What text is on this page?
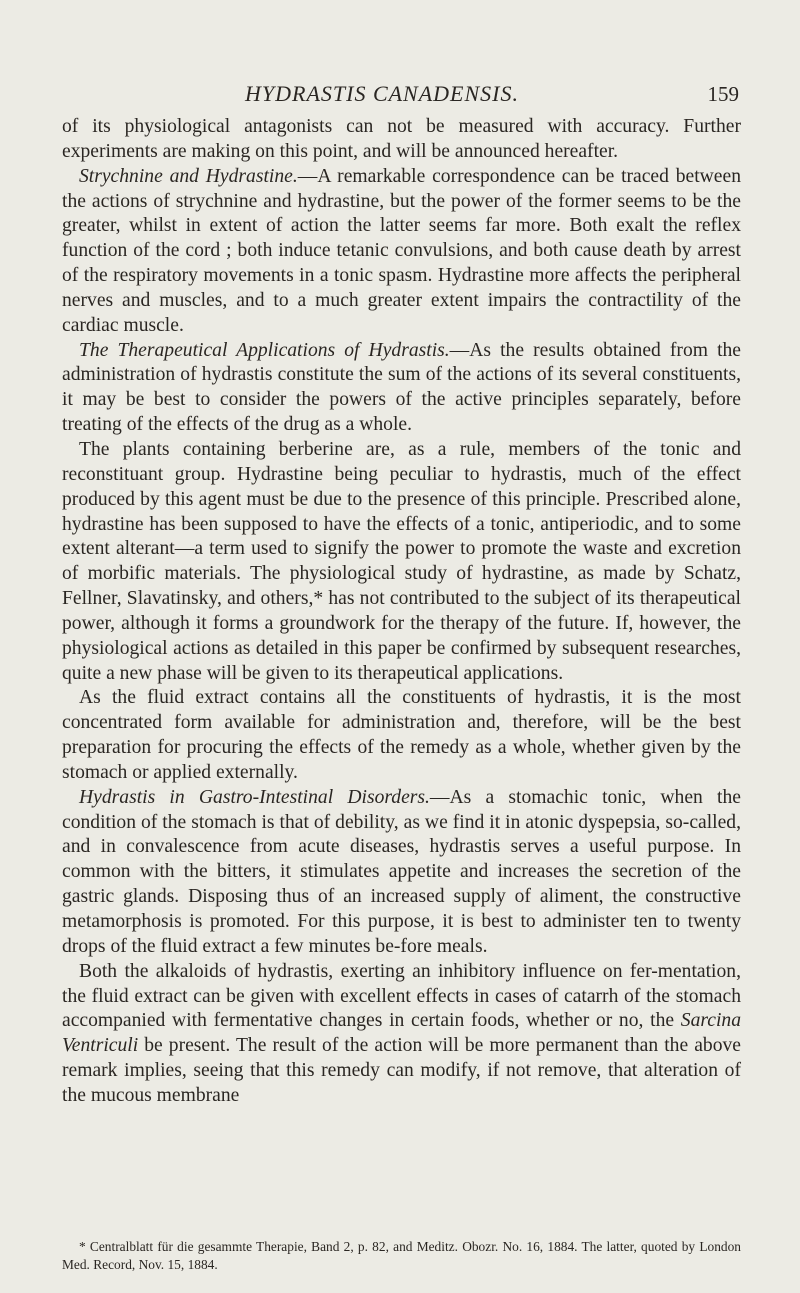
HYDRASTIS CANADENSIS.	159

of its physiological antagonists can not be measured with accuracy. Further experiments are making on this point, and will be announced hereafter.

Strychnine and Hydrastine.—A remarkable correspondence can be traced between the actions of strychnine and hydrastine, but the power of the former seems to be the greater, whilst in extent of action the latter seems far more. Both exalt the reflex function of the cord ; both induce tetanic convulsions, and both cause death by arrest of the respiratory movements in a tonic spasm. Hydrastine more affects the peripheral nerves and muscles, and to a much greater extent impairs the contractility of the cardiac muscle.

The Therapeutical Applications of Hydrastis.—As the results obtained from the administration of hydrastis constitute the sum of the actions of its several constituents, it may be best to consider the powers of the active principles separately, before treating of the effects of the drug as a whole.

The plants containing berberine are, as a rule, members of the tonic and reconstituant group. Hydrastine being peculiar to hydrastis, much of the effect produced by this agent must be due to the presence of this principle. Prescribed alone, hydrastine has been supposed to have the effects of a tonic, antiperiodic, and to some extent alterant—a term used to signify the power to promote the waste and excretion of morbific materials. The physiological study of hydrastine, as made by Schatz, Fellner, Slavatinsky, and others,* has not contributed to the subject of its therapeutical power, although it forms a groundwork for the therapy of the future. If, however, the physiological actions as detailed in this paper be confirmed by subsequent researches, quite a new phase will be given to its therapeutical applications.

As the fluid extract contains all the constituents of hydrastis, it is the most concentrated form available for administration and, therefore, will be the best preparation for procuring the effects of the remedy as a whole, whether given by the stomach or applied externally.

Hydrastis in Gastro-Intestinal Disorders.—As a stomachic tonic, when the condition of the stomach is that of debility, as we find it in atonic dyspepsia, so-called, and in convalescence from acute diseases, hydrastis serves a useful purpose. In common with the bitters, it stimulates appetite and increases the secretion of the gastric glands. Disposing thus of an increased supply of aliment, the constructive metamorphosis is promoted. For this purpose, it is best to administer ten to twenty drops of the fluid extract a few minutes be-fore meals.

Both the alkaloids of hydrastis, exerting an inhibitory influence on fer-mentation, the fluid extract can be given with excellent effects in cases of catarrh of the stomach accompanied with fermentative changes in certain foods, whether or no, the Sarcina Ventriculi be present. The result of the action will be more permanent than the above remark implies, seeing that this remedy can modify, if not remove, that alteration of the mucous membrane

* Centralblatt für die gesammte Therapie, Band 2, p. 82, and Meditz. Obozr. No. 16, 1884. The latter, quoted by London Med. Record, Nov. 15, 1884.
